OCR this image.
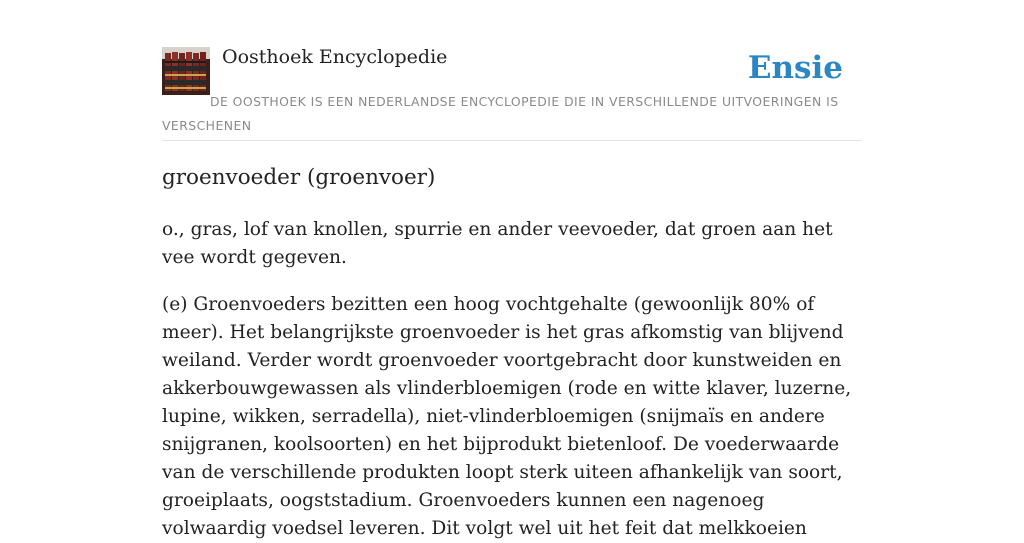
Oosthoek Encyclopedie	Ensie
DE OOSTHOEK IS EEN NEDERLANDSE ENCYCLOPEDIE DIE IN VERSCHILLENDE UITVOERINGEN IS VERSCHENEN
groenvoeder (groenvoer)

o., gras, lof van knollen, spurrie en ander veevoeder, dat groen aan het vee wordt gegeven.

(e) Groenvoeders bezitten een hoog vochtgehalte (gewoonlijk 80% of meer). Het belangrijkste groenvoeder is het gras afkomstig van blijvend weiland. Verder wordt groenvoeder voortgebracht door kunstweiden en akkerbouwgewassen als vlinderbloemigen (rode en witte klaver, luzerne, lupine, wikken, serradella), niet-vlinderbloemigen (snijmaïs en andere snijgranen, koolsoorten) en het bijprodukt bietenloof. De voederwaarde van de verschillende produkten loopt sterk uiteen afhankelijk van soort, groeiplaats, oogststadium. Groenvoeders kunnen een nagenoeg volwaardig voedsel leveren. Dit volgt wel uit het feit dat melkkoeien
